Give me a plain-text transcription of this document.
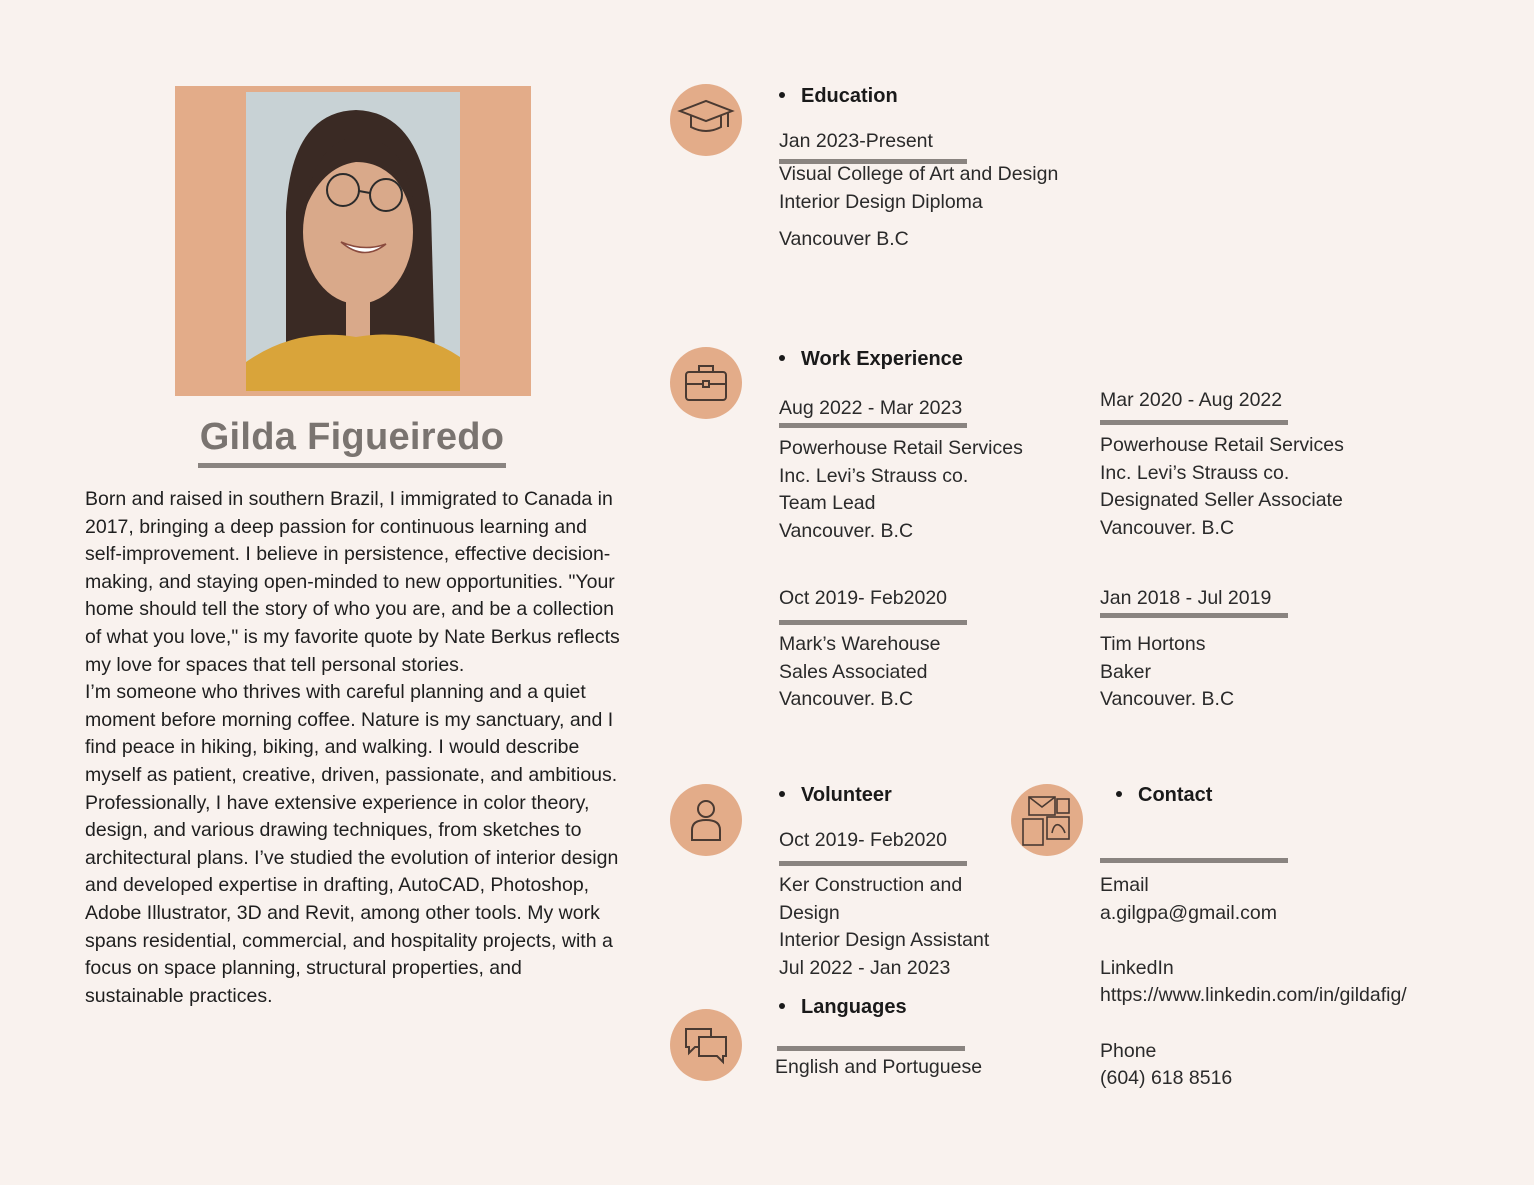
Gilda Figueiredo

Born and raised in southern Brazil, I immigrated to Canada in 2017, bringing a deep passion for continuous learning and self-improvement. I believe in persistence, effective decision-making, and staying open-minded to new opportunities. "Your home should tell the story of who you are, and be a collection of what you love," is my favorite quote by Nate Berkus reflects my love for spaces that tell personal stories.

I’m someone who thrives with careful planning and a quiet moment before morning coffee. Nature is my sanctuary, and I find peace in hiking, biking, and walking. I would describe myself as patient, creative, driven, passionate, and ambitious.

Professionally, I have extensive experience in color theory, design, and various drawing techniques, from sketches to architectural plans. I’ve studied the evolution of interior design and developed expertise in drafting, AutoCAD, Photoshop, Adobe Illustrator, 3D and Revit, among other tools. My work spans residential, commercial, and hospitality projects, with a focus on space planning, structural properties, and sustainable practices.

Education
Jan 2023-Present
Visual College of Art and Design
Interior Design Diploma
Vancouver B.C
Work Experience
Aug 2022 - Mar 2023
Powerhouse Retail Services
Inc. Levi’s Strauss co.
Team Lead
Vancouver. B.C
Mar 2020 - Aug 2022
Powerhouse Retail Services
Inc. Levi’s Strauss co.
Designated Seller Associate
Vancouver. B.C
Oct 2019- Feb2020
Mark’s Warehouse
Sales Associated
Vancouver. B.C
Jan 2018 - Jul 2019
Tim Hortons
Baker
Vancouver. B.C
Volunteer
Oct 2019- Feb2020
Ker Construction and
Design
Interior Design Assistant
Jul 2022 - Jan 2023
Languages
English and Portuguese
Contact
Email
a.gilgpa@gmail.com
LinkedIn
https://www.linkedin.com/in/gildafig/
Phone
(604) 618 8516
